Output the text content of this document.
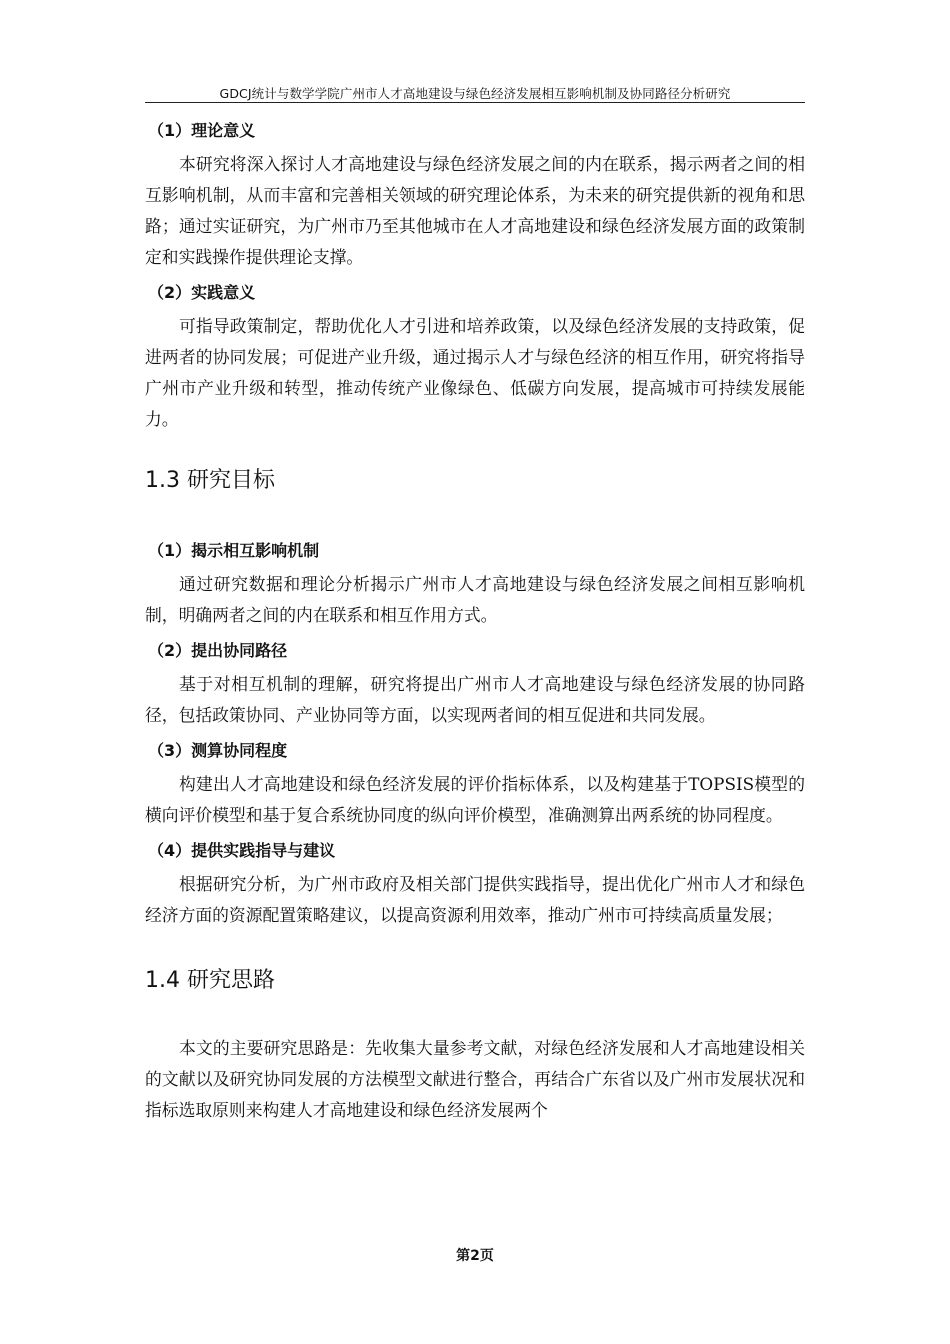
GDCJ统计与数学学院广州市人才高地建设与绿色经济发展相互影响机制及协同路径分析研究
（1）理论意义

本研究将深入探讨人才高地建设与绿色经济发展之间的内在联系，揭示两者之间的相互影响机制，从而丰富和完善相关领域的研究理论体系，为未来的研究提供新的视角和思路；通过实证研究，为广州市乃至其他城市在人才高地建设和绿色经济发展方面的政策制定和实践操作提供理论支撑。

（2）实践意义

可指导政策制定，帮助优化人才引进和培养政策，以及绿色经济发展的支持政策，促进两者的协同发展；可促进产业升级，通过揭示人才与绿色经济的相互作用，研究将指导广州市产业升级和转型，推动传统产业像绿色、低碳方向发展，提高城市可持续发展能力。

1.3 研究目标
（1）揭示相互影响机制

通过研究数据和理论分析揭示广州市人才高地建设与绿色经济发展之间相互影响机制，明确两者之间的内在联系和相互作用方式。

（2）提出协同路径

基于对相互机制的理解，研究将提出广州市人才高地建设与绿色经济发展的协同路径，包括政策协同、产业协同等方面，以实现两者间的相互促进和共同发展。

（3）测算协同程度

构建出人才高地建设和绿色经济发展的评价指标体系，以及构建基于TOPSIS模型的横向评价模型和基于复合系统协同度的纵向评价模型，准确测算出两系统的协同程度。

（4）提供实践指导与建议

根据研究分析，为广州市政府及相关部门提供实践指导，提出优化广州市人才和绿色经济方面的资源配置策略建议，以提高资源利用效率，推动广州市可持续高质量发展；

1.4 研究思路

本文的主要研究思路是：先收集大量参考文献，对绿色经济发展和人才高地建设相关的文献以及研究协同发展的方法模型文献进行整合，再结合广东省以及广州市发展状况和指标选取原则来构建人才高地建设和绿色经济发展两个

第2页
